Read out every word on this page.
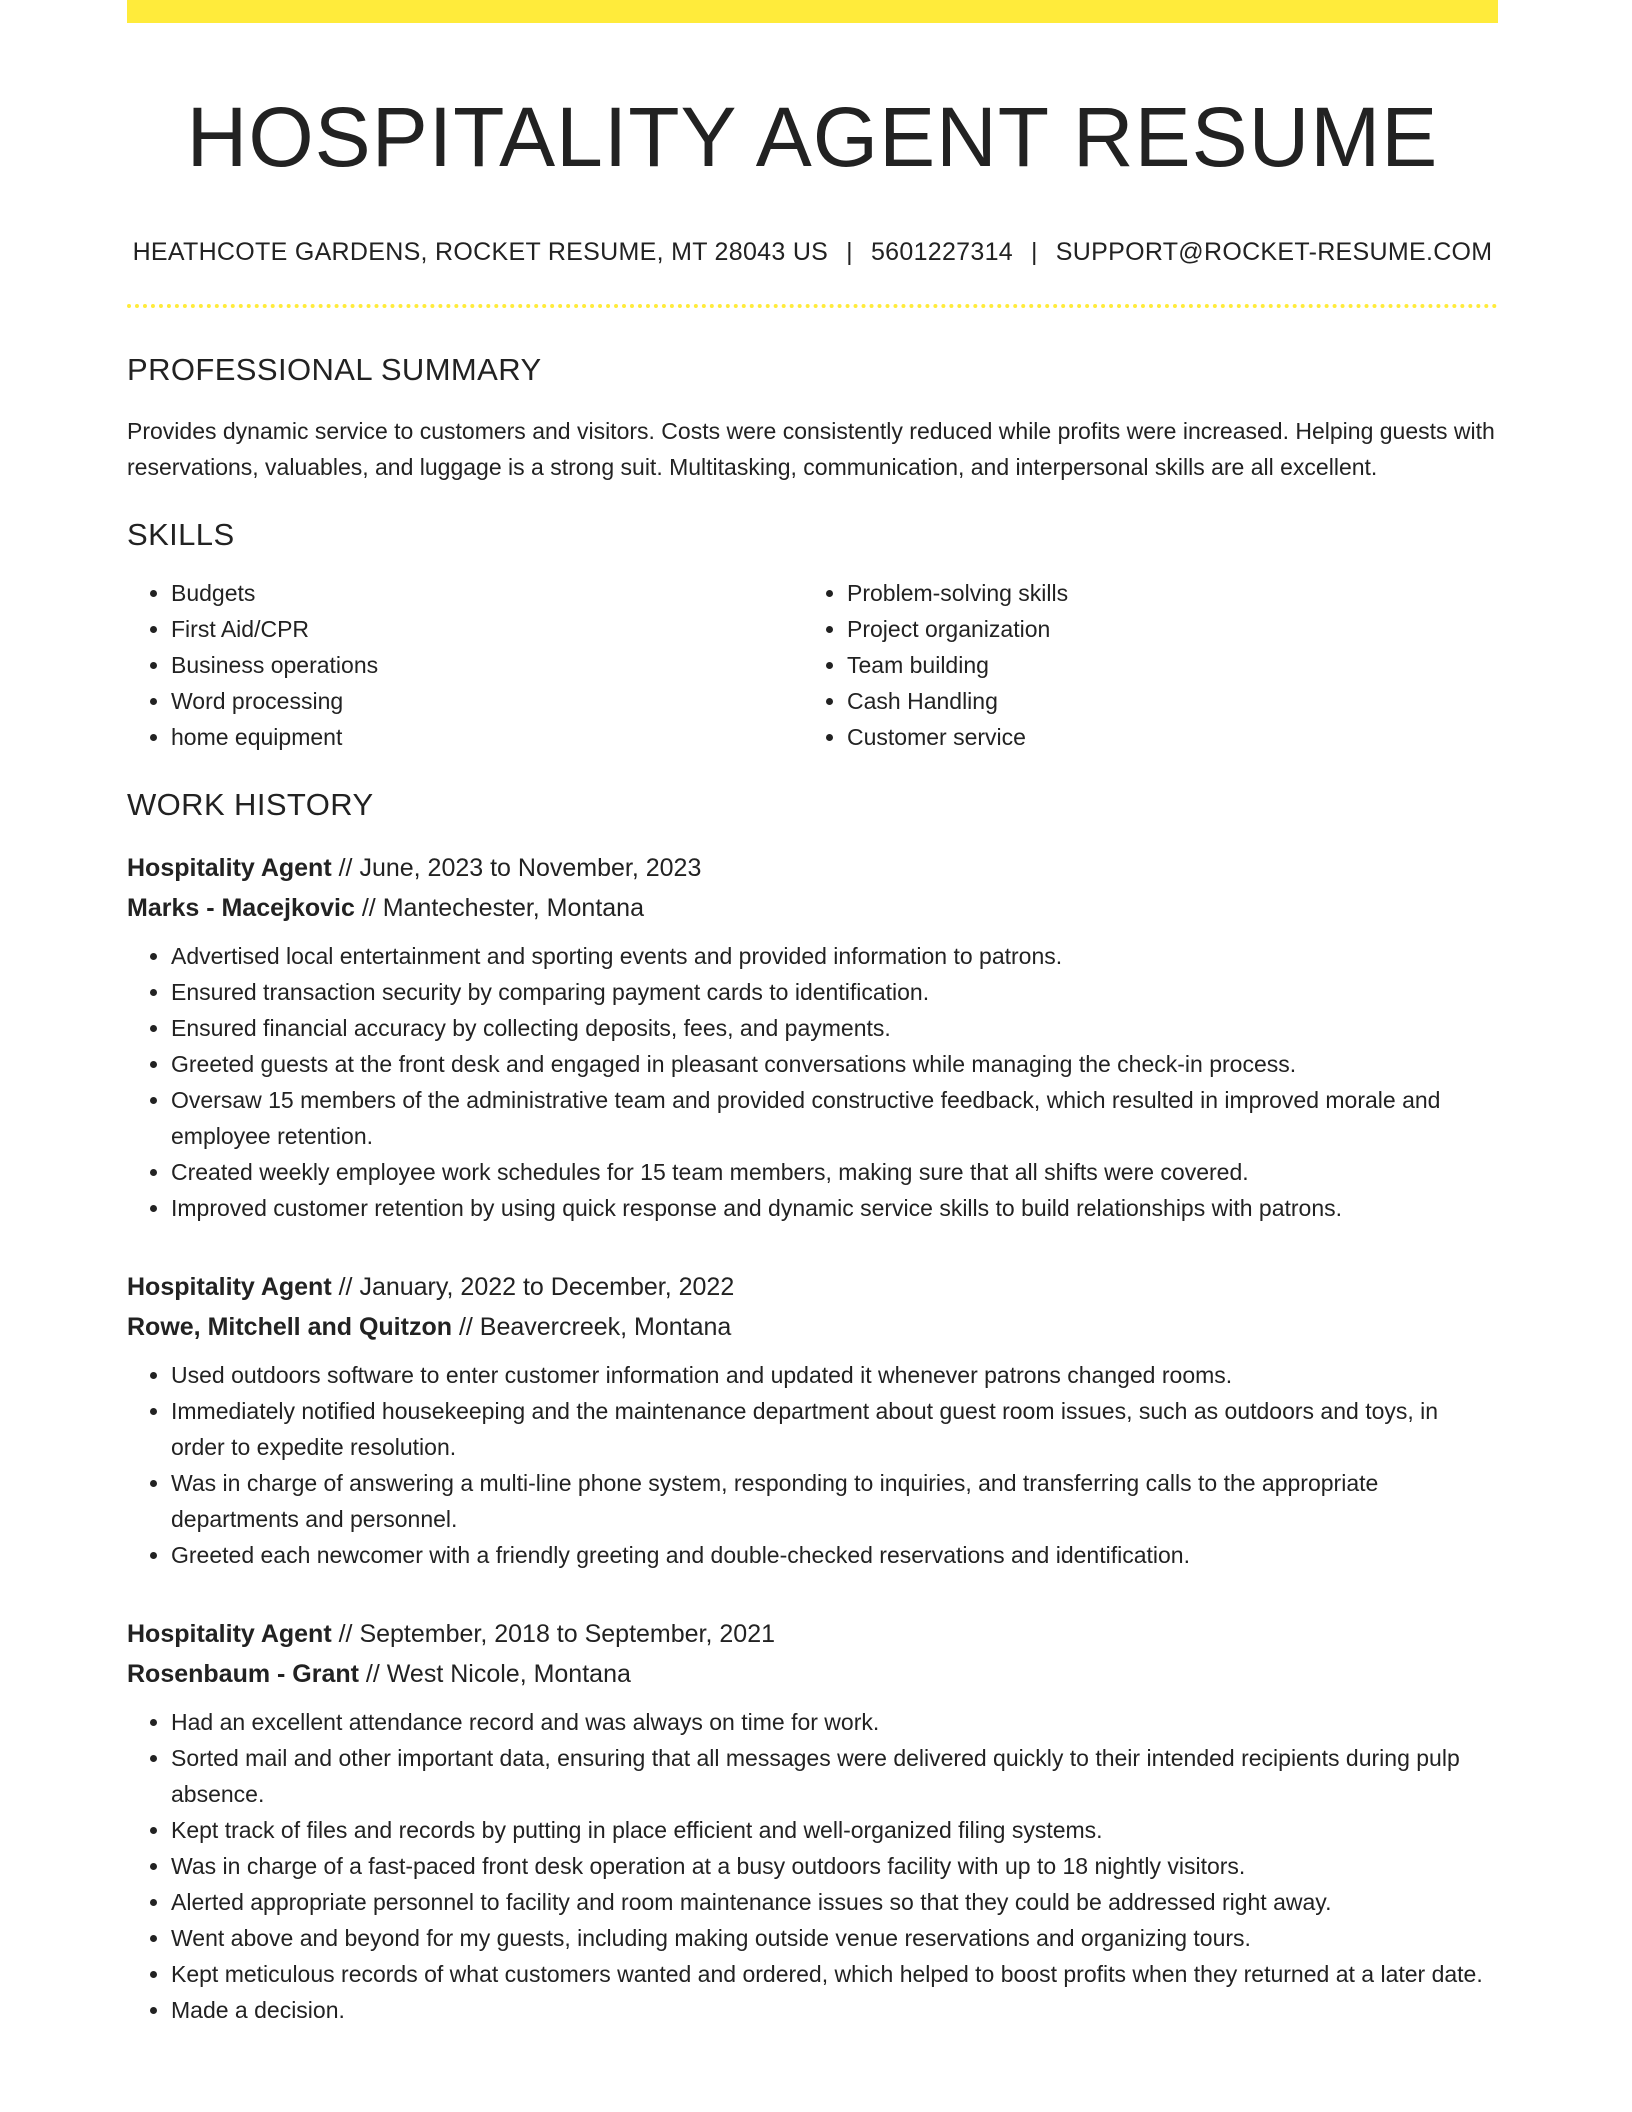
HOSPITALITY AGENT RESUME
HEATHCOTE GARDENS, ROCKET RESUME, MT 28043 US | 5601227314 | SUPPORT@ROCKET-RESUME.COM
PROFESSIONAL SUMMARY

Provides dynamic service to customers and visitors. Costs were consistently reduced while profits were increased. Helping guests with reservations, valuables, and luggage is a strong suit. Multitasking, communication, and interpersonal skills are all excellent.

SKILLS
• Budgets
• First Aid/CPR
• Business operations
• Word processing
• home equipment
• Problem-solving skills
• Project organization
• Team building
• Cash Handling
• Customer service
WORK HISTORY
Hospitality Agent // June, 2023 to November, 2023
Marks - Macejkovic // Mantechester, Montana
• Advertised local entertainment and sporting events and provided information to patrons.
• Ensured transaction security by comparing payment cards to identification.
• Ensured financial accuracy by collecting deposits, fees, and payments.
• Greeted guests at the front desk and engaged in pleasant conversations while managing the check-in process.
• Oversaw 15 members of the administrative team and provided constructive feedback, which resulted in improved morale and employee retention.
• Created weekly employee work schedules for 15 team members, making sure that all shifts were covered.
• Improved customer retention by using quick response and dynamic service skills to build relationships with patrons.
Hospitality Agent // January, 2022 to December, 2022
Rowe, Mitchell and Quitzon // Beavercreek, Montana
• Used outdoors software to enter customer information and updated it whenever patrons changed rooms.
• Immediately notified housekeeping and the maintenance department about guest room issues, such as outdoors and toys, in order to expedite resolution.
• Was in charge of answering a multi-line phone system, responding to inquiries, and transferring calls to the appropriate departments and personnel.
• Greeted each newcomer with a friendly greeting and double-checked reservations and identification.
Hospitality Agent // September, 2018 to September, 2021
Rosenbaum - Grant // West Nicole, Montana
• Had an excellent attendance record and was always on time for work.
• Sorted mail and other important data, ensuring that all messages were delivered quickly to their intended recipients during pulp absence.
• Kept track of files and records by putting in place efficient and well-organized filing systems.
• Was in charge of a fast-paced front desk operation at a busy outdoors facility with up to 18 nightly visitors.
• Alerted appropriate personnel to facility and room maintenance issues so that they could be addressed right away.
• Went above and beyond for my guests, including making outside venue reservations and organizing tours.
• Kept meticulous records of what customers wanted and ordered, which helped to boost profits when they returned at a later date.
• Made a decision.
